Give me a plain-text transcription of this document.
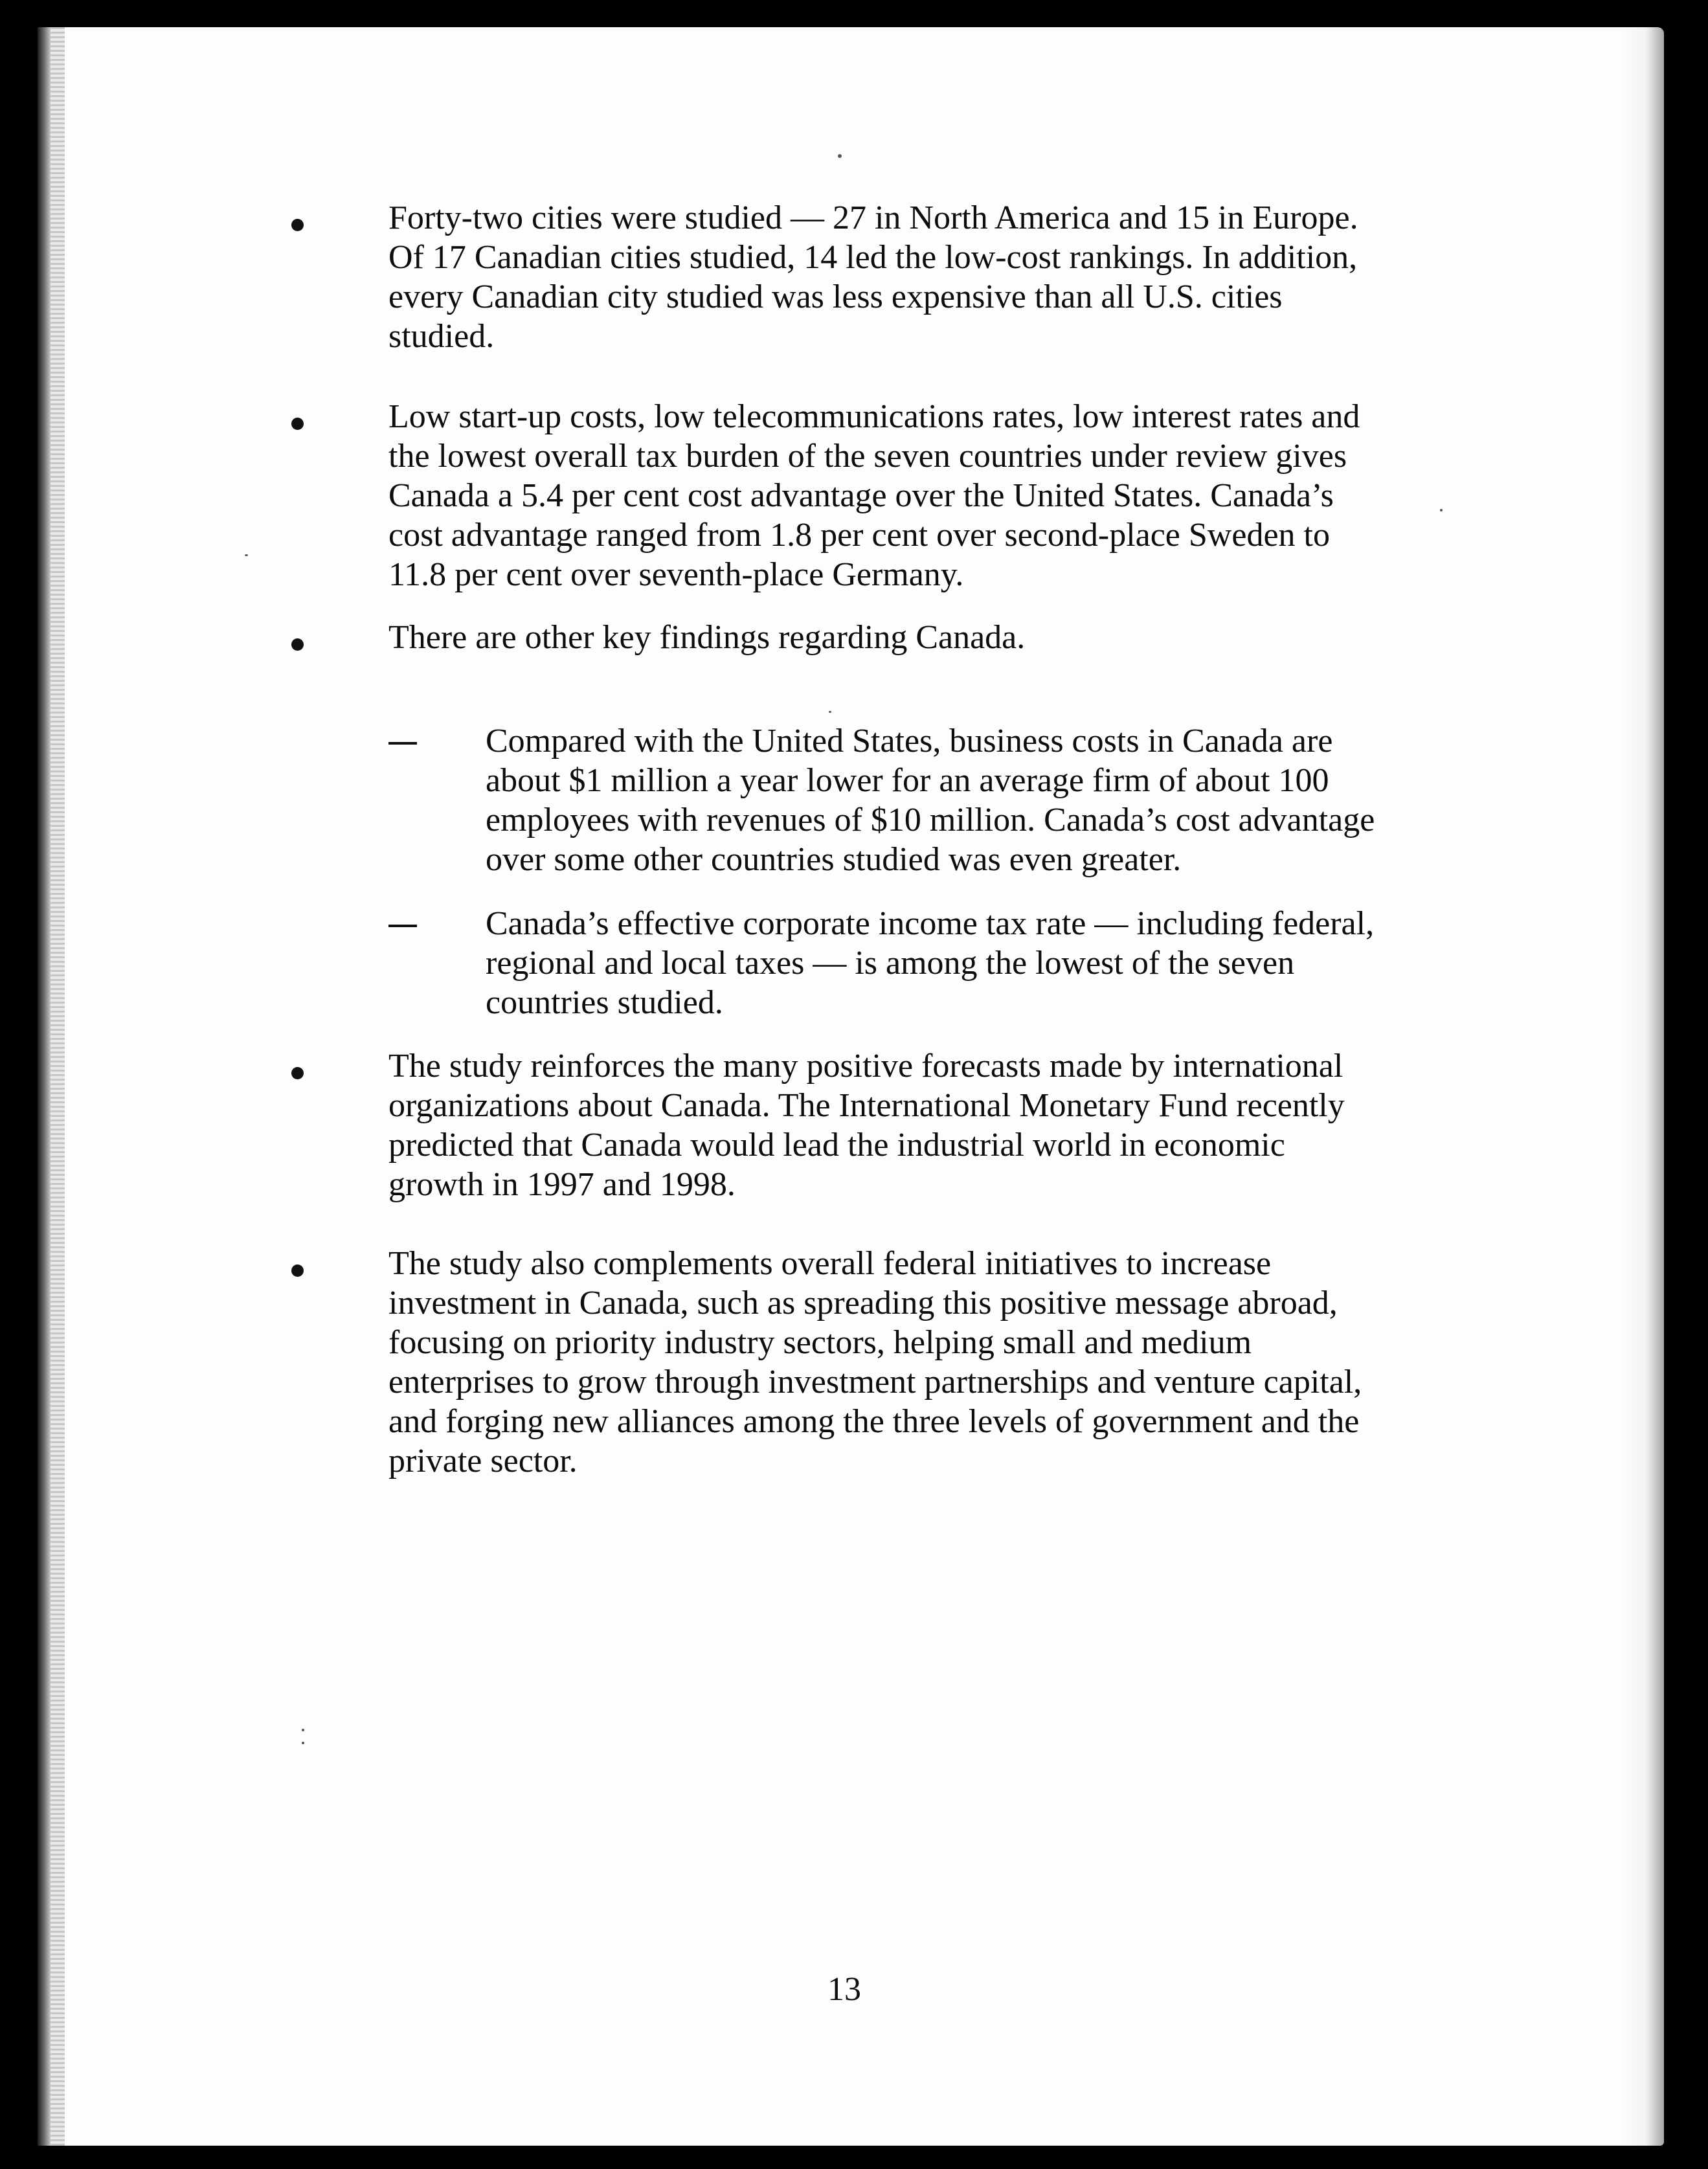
Forty-two cities were studied — 27 in North America and 15 in Europe.
Of 17 Canadian cities studied, 14 led the low-cost rankings. In addition,
every Canadian city studied was less expensive than all U.S. cities
studied.
Low start-up costs, low telecommunications rates, low interest rates and
the lowest overall tax burden of the seven countries under review gives
Canada a 5.4 per cent cost advantage over the United States. Canada’s
cost advantage ranged from 1.8 per cent over second-place Sweden to
11.8 per cent over seventh-place Germany.
There are other key findings regarding Canada.
Compared with the United States, business costs in Canada are
about $1 million a year lower for an average firm of about 100
employees with revenues of $10 million. Canada’s cost advantage
over some other countries studied was even greater.
Canada’s effective corporate income tax rate — including federal,
regional and local taxes — is among the lowest of the seven
countries studied.
The study reinforces the many positive forecasts made by international
organizations about Canada. The International Monetary Fund recently
predicted that Canada would lead the industrial world in economic
growth in 1997 and 1998.
The study also complements overall federal initiatives to increase
investment in Canada, such as spreading this positive message abroad,
focusing on priority industry sectors, helping small and medium
enterprises to grow through investment partnerships and venture capital,
and forging new alliances among the three levels of government and the
private sector.
13
